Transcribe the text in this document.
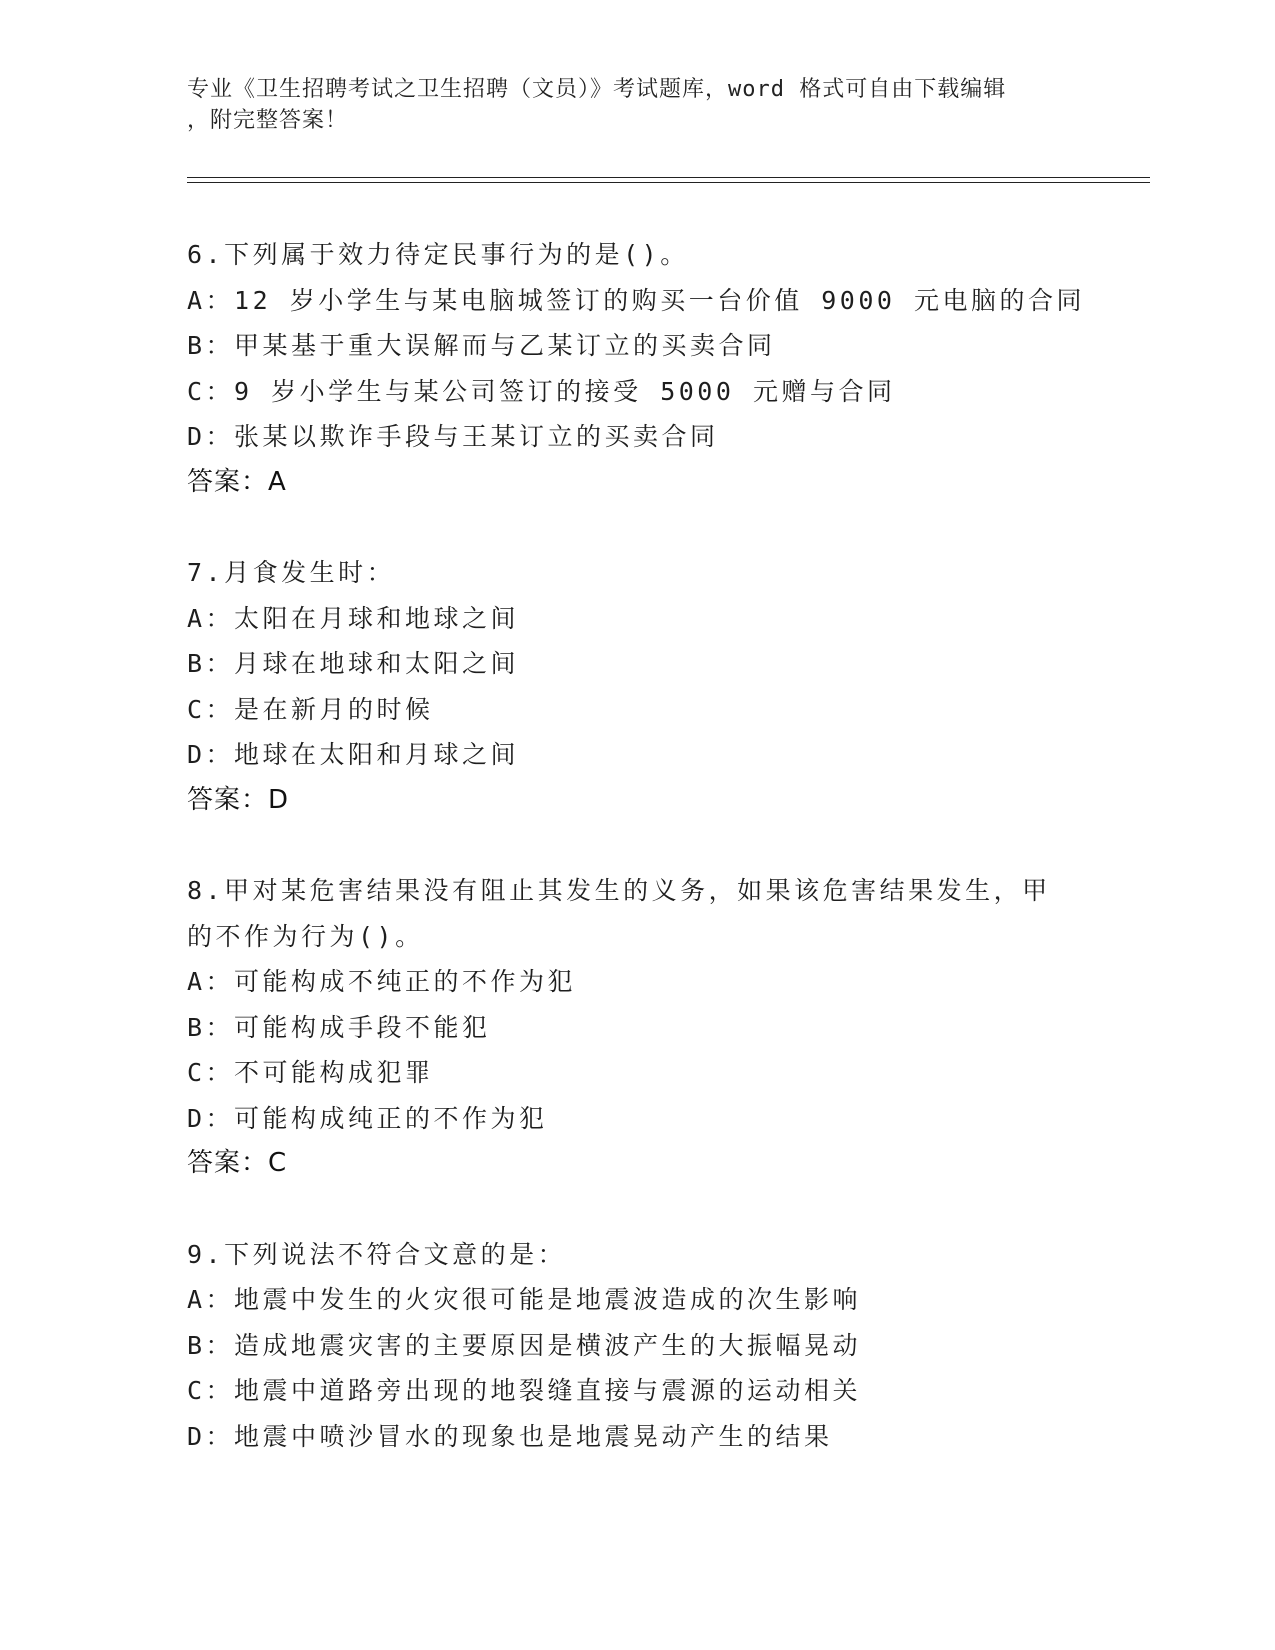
专业《卫生招聘考试之卫生招聘（文员）》考试题库，word 格式可自由下载编辑
，附完整答案！
6.下列属于效力待定民事行为的是()。
A：12 岁小学生与某电脑城签订的购买一台价值 9000 元电脑的合同
B：甲某基于重大误解而与乙某订立的买卖合同
C：9 岁小学生与某公司签订的接受 5000 元赠与合同
D：张某以欺诈手段与王某订立的买卖合同
答案：A
7.月食发生时：
A：太阳在月球和地球之间
B：月球在地球和太阳之间
C：是在新月的时候
D：地球在太阳和月球之间
答案：D
8.甲对某危害结果没有阻止其发生的义务，如果该危害结果发生，甲
的不作为行为()。
A：可能构成不纯正的不作为犯
B：可能构成手段不能犯
C：不可能构成犯罪
D：可能构成纯正的不作为犯
答案：C
9.下列说法不符合文意的是：
A：地震中发生的火灾很可能是地震波造成的次生影响
B：造成地震灾害的主要原因是横波产生的大振幅晃动
C：地震中道路旁出现的地裂缝直接与震源的运动相关
D：地震中喷沙冒水的现象也是地震晃动产生的结果
